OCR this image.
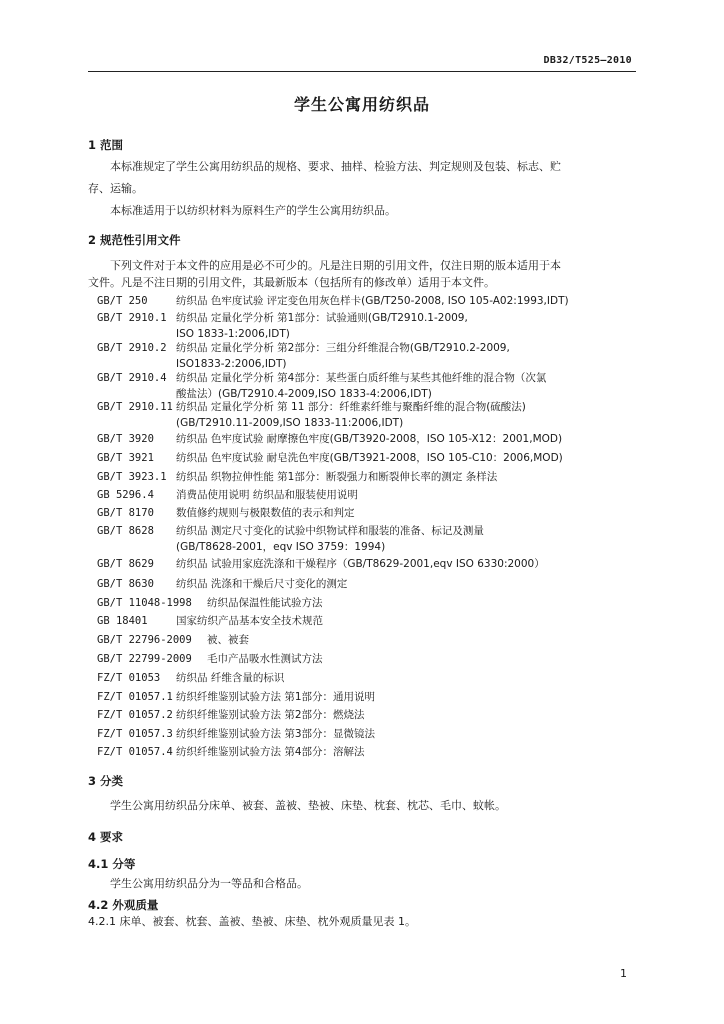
DB32/T525—2010
学生公寓用纺织品
1 范围
本标准规定了学生公寓用纺织品的规格、要求、抽样、检验方法、判定规则及包装、标志、贮
存、运输。
本标准适用于以纺织材料为原料生产的学生公寓用纺织品。
2 规范性引用文件
下列文件对于本文件的应用是必不可少的。凡是注日期的引用文件，仅注日期的版本适用于本
文件。凡是不注日期的引用文件，其最新版本（包括所有的修改单）适用于本文件。
GB/T 250	纺织品 色牢度试验 评定变色用灰色样卡(GB/T250-2008, ISO 105-A02:1993,IDT)
GB/T 2910.1 纺织品 定量化学分析 第1部分：试验通则(GB/T2910.1-2009,
ISO 1833-1:2006,IDT)
GB/T 2910.2 纺织品 定量化学分析 第2部分：三组分纤维混合物(GB/T2910.2-2009,
ISO1833-2:2006,IDT)
GB/T 2910.4 纺织品 定量化学分析 第4部分：某些蛋白质纤维与某些其他纤维的混合物（次氯
酸盐法）(GB/T2910.4-2009,ISO 1833-4:2006,IDT)
GB/T 2910.11 纺织品 定量化学分析 第 11 部分：纤维素纤维与聚酯纤维的混合物(硫酸法)
(GB/T2910.11-2009,ISO 1833-11:2006,IDT)
GB/T 3920 纺织品 色牢度试验 耐摩擦色牢度(GB/T3920-2008，ISO 105-X12：2001,MOD)
GB/T 3921 纺织品 色牢度试验 耐皂洗色牢度(GB/T3921-2008，ISO 105-C10：2006,MOD)
GB/T 3923.1 纺织品 织物拉伸性能 第1部分：断裂强力和断裂伸长率的测定 条样法
GB 5296.4 消费品使用说明 纺织品和服装使用说明
GB/T 8170 数值修约规则与极限数值的表示和判定
GB/T 8628 纺织品 测定尺寸变化的试验中织物试样和服装的准备、标记及测量
(GB/T8628-2001，eqv ISO 3759：1994)
GB/T 8629 纺织品 试验用家庭洗涤和干燥程序（GB/T8629-2001,eqv ISO 6330:2000）
GB/T 8630 纺织品 洗涤和干燥后尺寸变化的测定
GB/T 11048-1998 纺织品保温性能试验方法
GB 18401	国家纺织产品基本安全技术规范
GB/T 22796-2009 被、被套
GB/T 22799-2009 毛巾产品吸水性测试方法
FZ/T 01053 纺织品 纤维含量的标识
FZ/T 01057.1 纺织纤维鉴别试验方法 第1部分：通用说明
FZ/T 01057.2 纺织纤维鉴别试验方法 第2部分：燃烧法
FZ/T 01057.3 纺织纤维鉴别试验方法 第3部分：显微镜法
FZ/T 01057.4 纺织纤维鉴别试验方法 第4部分：溶解法
3 分类
学生公寓用纺织品分床单、被套、盖被、垫被、床垫、枕套、枕芯、毛巾、蚊帐。
4 要求
4.1 分等
学生公寓用纺织品分为一等品和合格品。
4.2 外观质量
4.2.1 床单、被套、枕套、盖被、垫被、床垫、枕外观质量见表 1。
1
